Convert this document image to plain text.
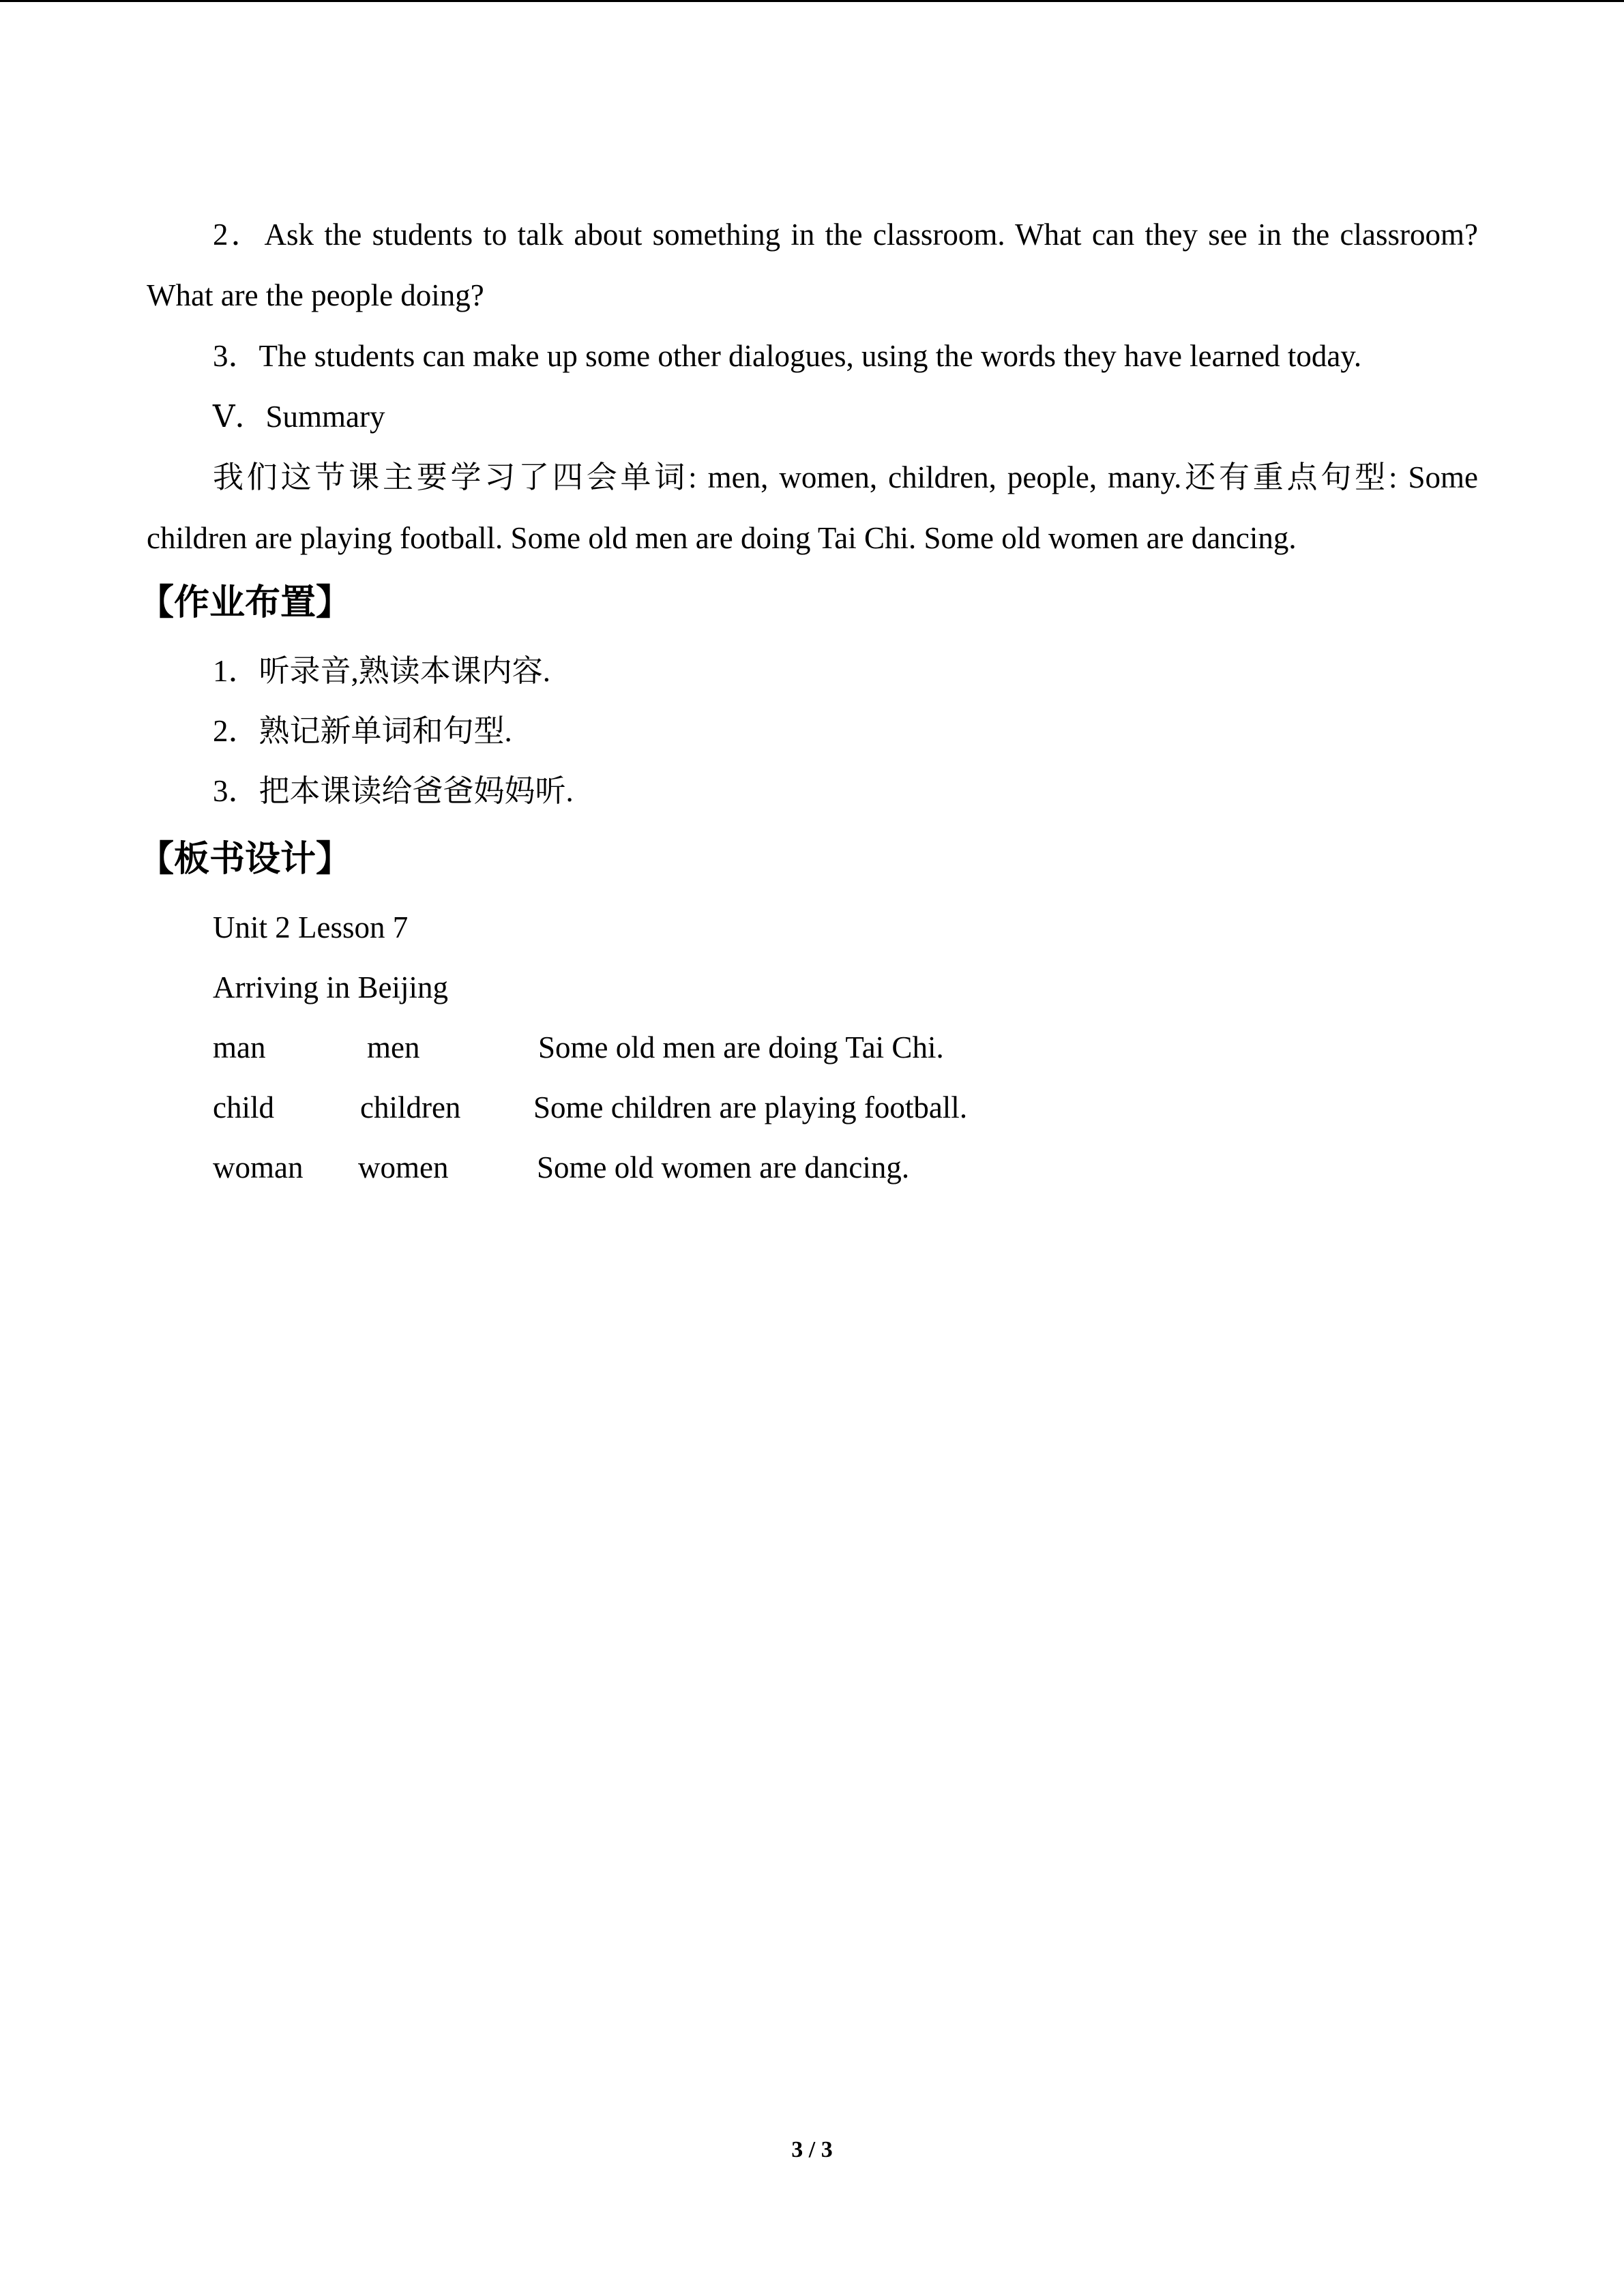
2．Ask the students to talk about something in the classroom. What can they see in the classroom? What are the people doing?

3．The students can make up some other dialogues, using the words they have learned today.

Ⅴ．Summary

我们这节课主要学习了四会单词: men, women, children, people, many.还有重点句型: Some children are playing football. Some old men are doing Tai Chi. Some old women are dancing.

【作业布置】

1．听录音,熟读本课内容.

2．熟记新单词和句型.

3．把本课读给爸爸妈妈听.

【板书设计】

Unit 2 Lesson 7

Arriving in Beijing

man	men	Some old men are doing Tai Chi.
child	children Some children are playing football.
woman women	Some old women are dancing.
3 / 3
